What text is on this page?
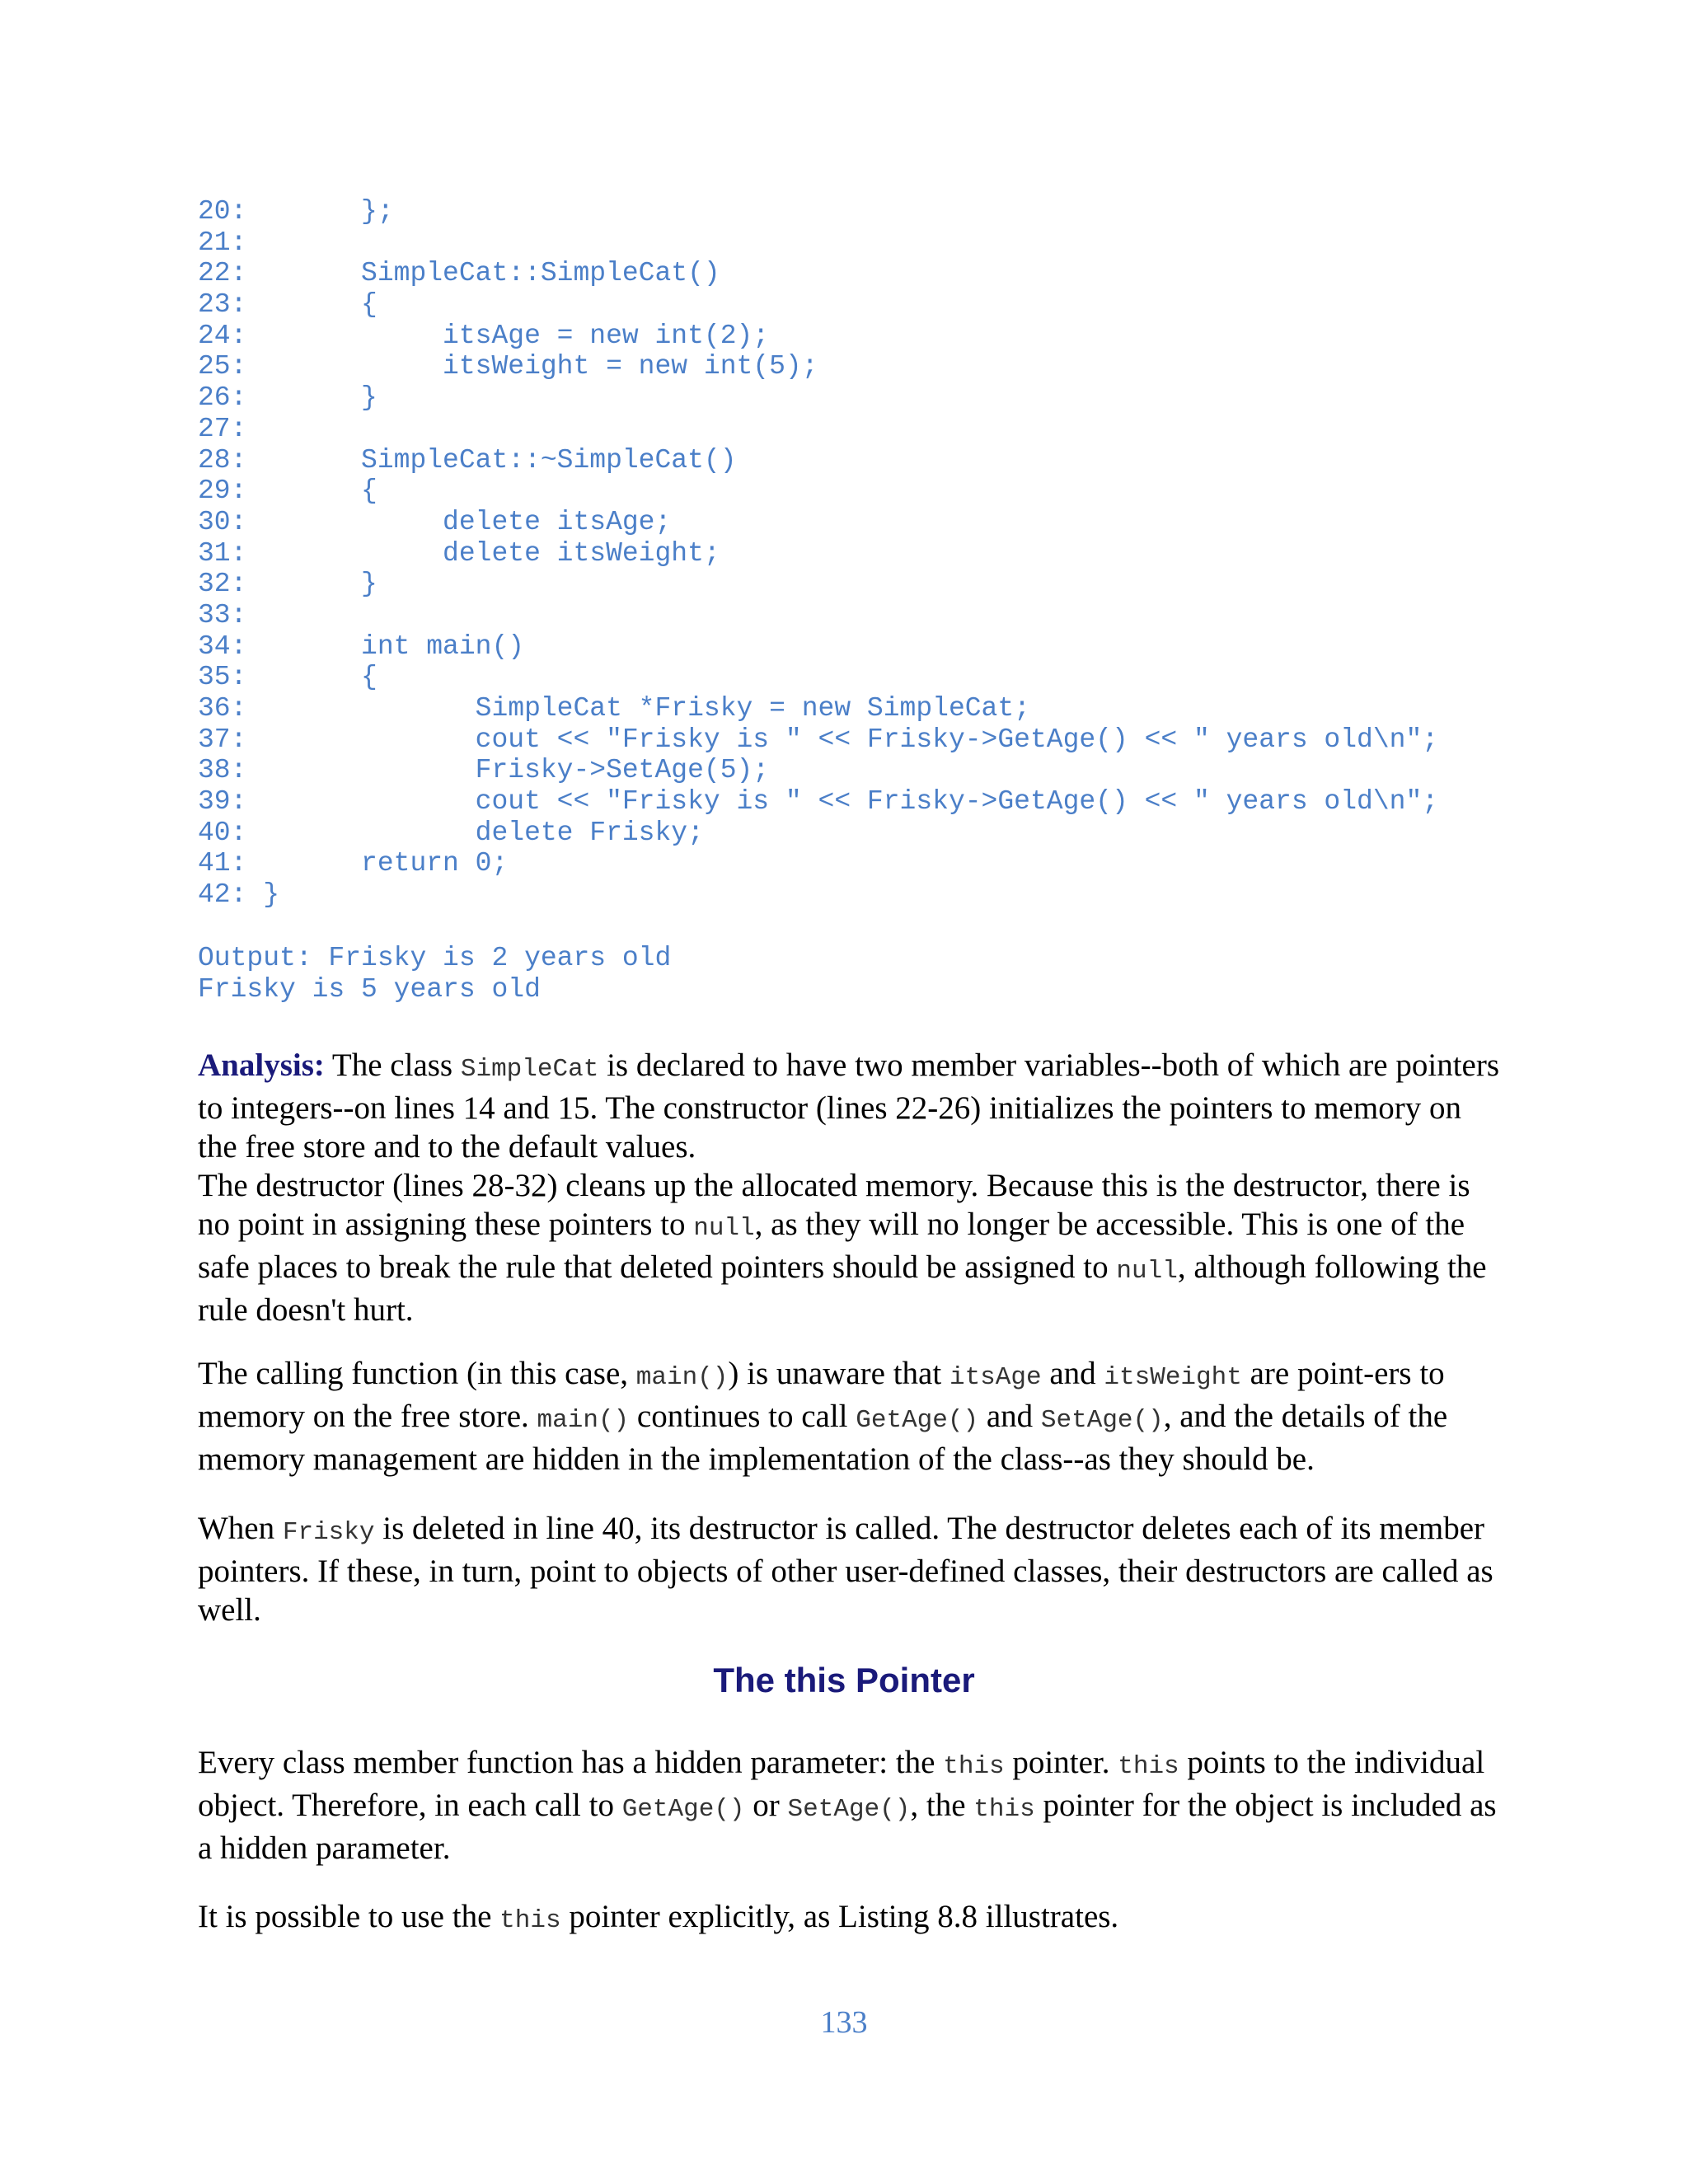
20:       };
21:
22:       SimpleCat::SimpleCat()
23:       {
24:            itsAge = new int(2);
25:            itsWeight = new int(5);
26:       }
27:
28:       SimpleCat::~SimpleCat()
29:       {
30:            delete itsAge;
31:            delete itsWeight;
32:       }
33:
34:       int main()
35:       {
36:              SimpleCat *Frisky = new SimpleCat;
37:              cout << "Frisky is " << Frisky->GetAge() << " years old\n";
38:              Frisky->SetAge(5);
39:              cout << "Frisky is " << Frisky->GetAge() << " years old\n";
40:              delete Frisky;
41:       return 0;
42: }
Output: Frisky is 2 years old
Frisky is 5 years old

Analysis: The class SimpleCat is declared to have two member variables--both of which are pointers to integers--on lines 14 and 15. The constructor (lines 22-26) initializes the pointers to memory on the free store and to the default values.
The destructor (lines 28-32) cleans up the allocated memory. Because this is the destructor, there is no point in assigning these pointers to null, as they will no longer be accessible. This is one of the safe places to break the rule that deleted pointers should be assigned to null, although following the rule doesn't hurt.

The calling function (in this case, main()) is unaware that itsAge and itsWeight are point-ers to memory on the free store. main() continues to call GetAge() and SetAge(), and the details of the memory management are hidden in the implementation of the class--as they should be.

When Frisky is deleted in line 40, its destructor is called. The destructor deletes each of its member pointers. If these, in turn, point to objects of other user-defined classes, their destructors are called as well.

The this Pointer

Every class member function has a hidden parameter: the this pointer. this points to the individual object. Therefore, in each call to GetAge() or SetAge(), the this pointer for the object is included as a hidden parameter.

It is possible to use the this pointer explicitly, as Listing 8.8 illustrates.

133
